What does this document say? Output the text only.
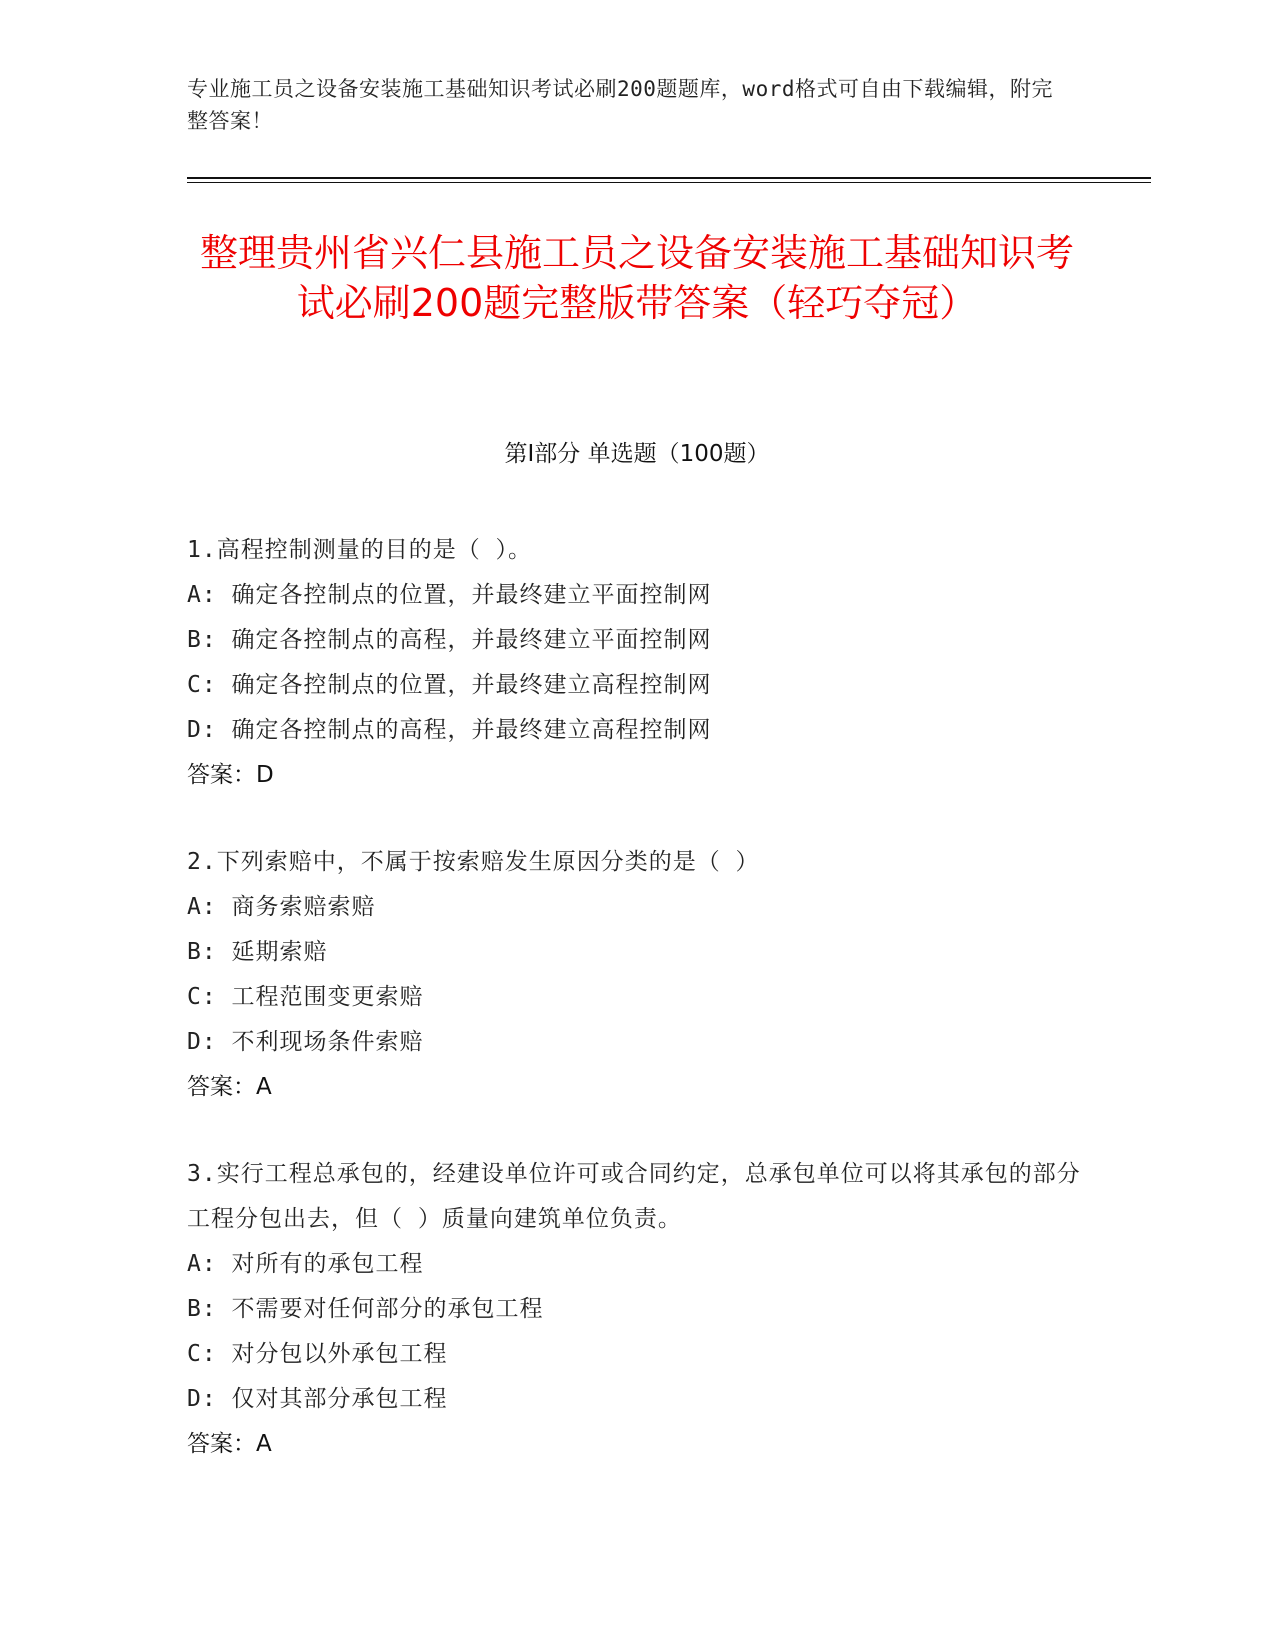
专业施工员之设备安装施工基础知识考试必刷200题题库，word格式可自由下载编辑，附完整答案！
整理贵州省兴仁县施工员之设备安装施工基础知识考试必刷200题完整版带答案（轻巧夺冠）
第I部分 单选题（100题）
1.高程控制测量的目的是（ ）。
A: 确定各控制点的位置，并最终建立平面控制网
B: 确定各控制点的高程，并最终建立平面控制网
C: 确定各控制点的位置，并最终建立高程控制网
D: 确定各控制点的高程，并最终建立高程控制网
答案：D
2.下列索赔中，不属于按索赔发生原因分类的是（ ）
A: 商务索赔索赔
B: 延期索赔
C: 工程范围变更索赔
D: 不利现场条件索赔
答案：A
3.实行工程总承包的，经建设单位许可或合同约定，总承包单位可以将其承包的部分工程分包出去，但（ ）质量向建筑单位负责。
A: 对所有的承包工程
B: 不需要对任何部分的承包工程
C: 对分包以外承包工程
D: 仅对其部分承包工程
答案：A
